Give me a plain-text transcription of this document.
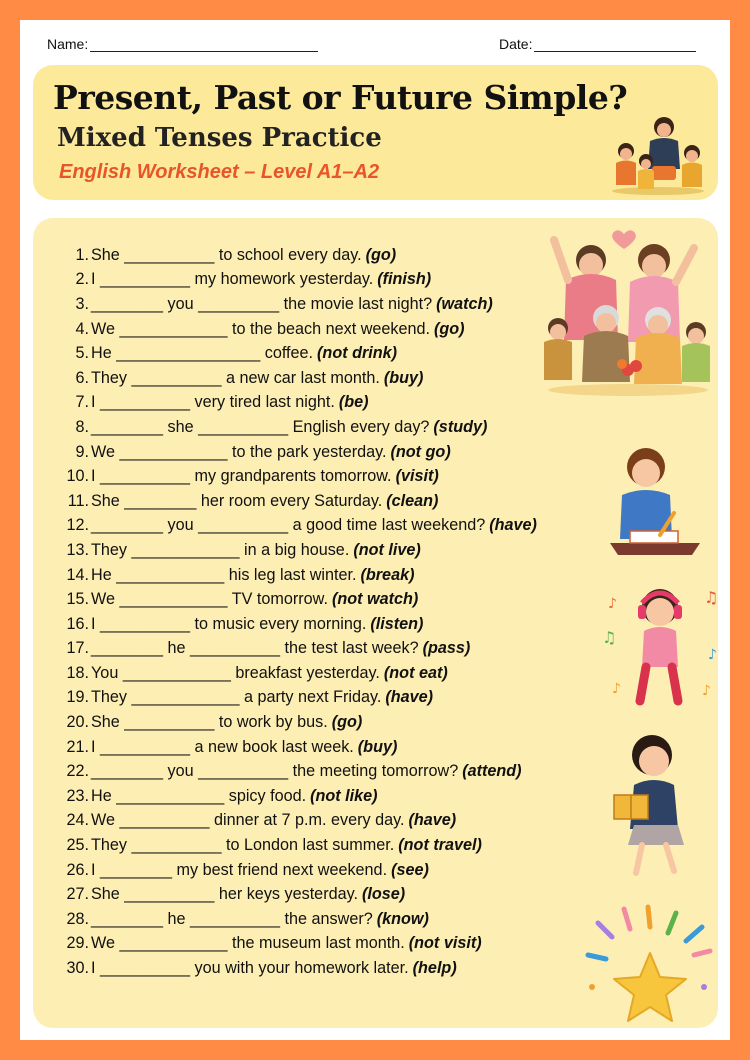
Name:	Date:
Present, Past or Future Simple?
Mixed Tenses Practice
English Worksheet – Level A1–A2
1. She __________ to school every day. (go)
2. I __________ my homework yesterday. (finish)
3. ________ you _________ the movie last night? (watch)
4. We ____________ to the beach next weekend. (go)
5. He ________________ coffee. (not drink)
6. They __________ a new car last month. (buy)
7. I __________ very tired last night. (be)
8. ________ she __________ English every day? (study)
9. We ____________ to the park yesterday. (not go)
10. I __________ my grandparents tomorrow. (visit)
11. She ________ her room every Saturday. (clean)
12. ________ you __________ a good time last weekend? (have)
13. They ____________ in a big house. (not live)
14. He ____________ his leg last winter. (break)
15. We ____________ TV tomorrow. (not watch)
16. I __________ to music every morning. (listen)
17. ________ he __________ the test last week? (pass)
18. You ____________ breakfast yesterday. (not eat)
19. They ____________ a party next Friday. (have)
20. She __________ to work by bus. (go)
21. I __________ a new book last week. (buy)
22. ________ you __________ the meeting tomorrow? (attend)
23. He ____________ spicy food. (not like)
24. We __________ dinner at 7 p.m. every day. (have)
25. They __________ to London last summer. (not travel)
26. I ________ my best friend next weekend. (see)
27. She __________ her keys yesterday. (lose)
28. ________ he __________ the answer? (know)
29. We ____________ the museum last month. (not visit)
30. I __________ you with your homework later. (help)
♪
♫
♫
♪
♪	♪
